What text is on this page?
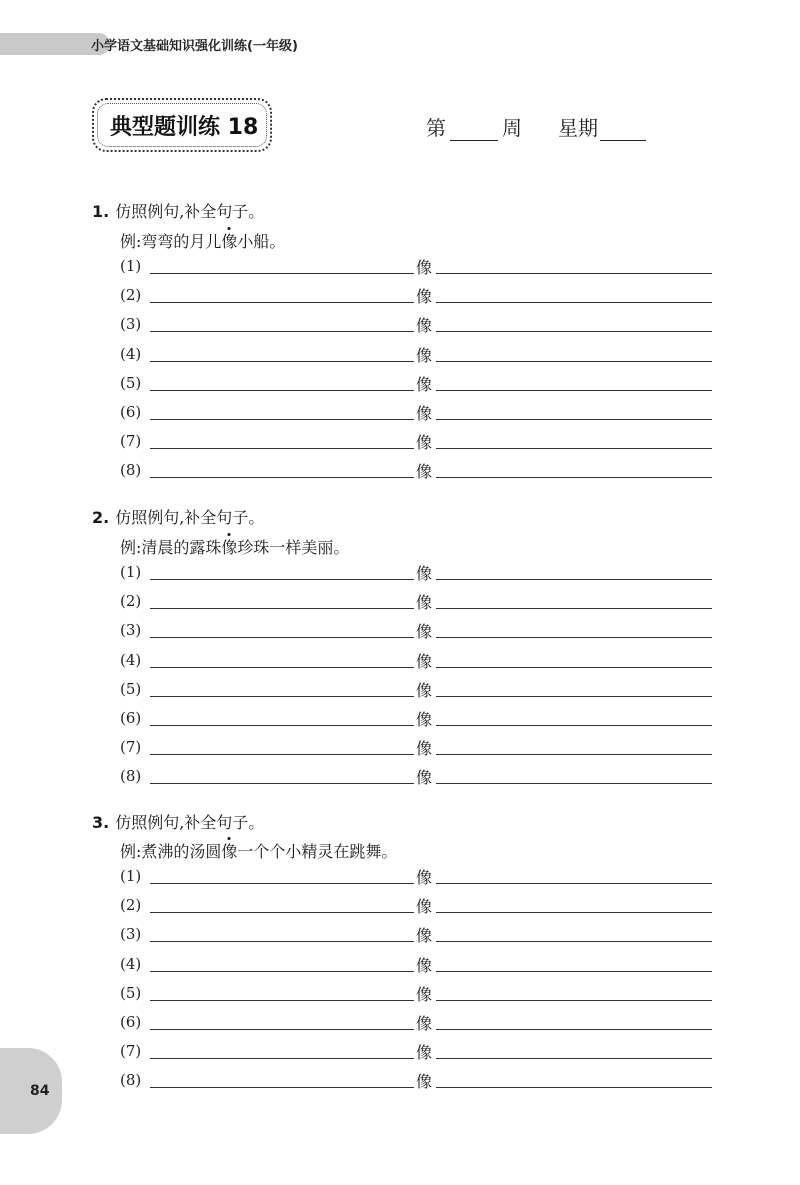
小学语文基础知识强化训练(一年级)
典型题训练 18	第	周 星期
1. 仿照例句,补全句子。
例:弯弯的月儿像小船。
(1)	像
(2)	像
(3)	像
(4)	像
(5)	像
(6)	像
(7)	像
(8)	像
2. 仿照例句,补全句子。
例:清晨的露珠像珍珠一样美丽。
(1)	像
(2)	像
(3)	像
(4)	像
(5)	像
(6)	像
(7)	像
(8)	像
3. 仿照例句,补全句子。
例:煮沸的汤圆像一个个小精灵在跳舞。
(1)	像
(2)	像
(3)	像
(4)	像
(5)	像
(6)	像
(7)	像
(8)	像
84
